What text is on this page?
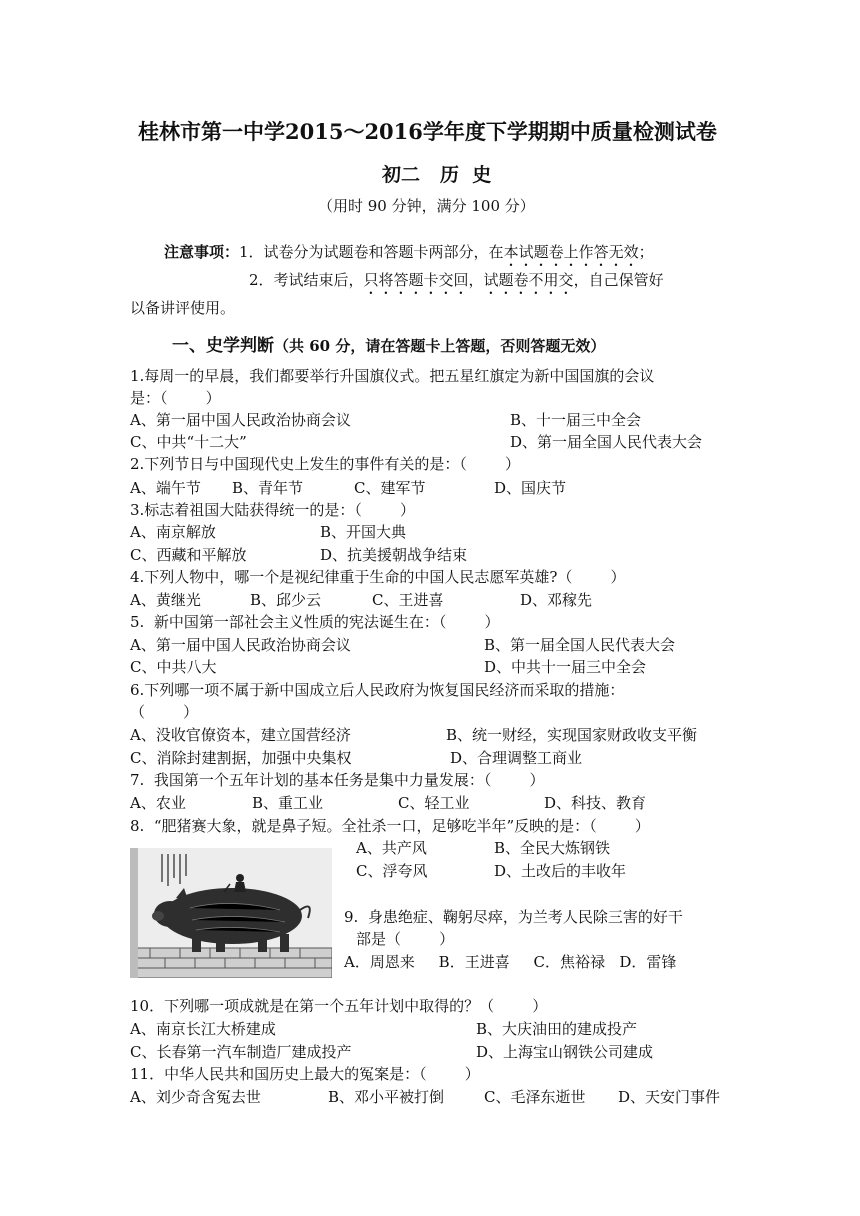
桂林市第一中学2015～2016学年度下学期期中质量检测试卷
初二 历  史
（用时 90 分钟，满分 100 分）
注意事项：1．试卷分为试题卷和答题卡两部分，在本试题卷上作答无效；
2．考试结束后，只将答题卡交回，试题卷不用交，自己保管好
以备讲评使用。
一、史学判断（共 60 分，请在答题卡上答题，否则答题无效）
1.每周一的早晨，我们都要举行升国旗仪式。把五星红旗定为新中国国旗的会议
是：（        ）
A、第一届中国人民政治协商会议	B、十一届三中全会
C、中共“十二大”	D、第一届全国人民代表大会
2.下列节日与中国现代史上发生的事件有关的是：（        ）
A、端午节 B、青年节	C、建军节	D、国庆节
3.标志着祖国大陆获得统一的是：（        ）
A、南京解放	B、开国大典
C、西藏和平解放	D、抗美援朝战争结束
4.下列人物中，哪一个是视纪律重于生命的中国人民志愿军英雄?（        ）
A、黄继光	B、邱少云	C、王进喜	D、邓稼先
5.  新中国第一部社会主义性质的宪法诞生在：（        ）
A、第一届中国人民政治协商会议	B、第一届全国人民代表大会
C、中共八大	D、中共十一届三中全会
6.下列哪一项不属于新中国成立后人民政府为恢复国民经济而采取的措施：
（        ）
A、没收官僚资本，建立国营经济	B、统一财经，实现国家财政收支平衡
C、消除封建割据，加强中央集权	D、合理调整工商业
7.  我国第一个五年计划的基本任务是集中力量发展：（        ）
A、农业	B、重工业	C、轻工业	D、科技、教育
8.  “肥猪赛大象，就是鼻子短。全社杀一口，足够吃半年”反映的是：（        ）
A、共产风	B、全民大炼钢铁
C、浮夸风	D、土改后的丰收年
9.  身患绝症、鞠躬尽瘁，为兰考人民除三害的好干
部是（        ）
A．周恩来     B．王进喜     C．焦裕禄   D．雷锋
10．下列哪一项成就是在第一个五年计划中取得的？（        ）
A、南京长江大桥建成	B、大庆油田的建成投产
C、长春第一汽车制造厂建成投产	D、上海宝山钢铁公司建成
11．中华人民共和国历史上最大的冤案是：（        ）
A、刘少奇含冤去世	B、邓小平被打倒	C、毛泽东逝世 D、天安门事件
